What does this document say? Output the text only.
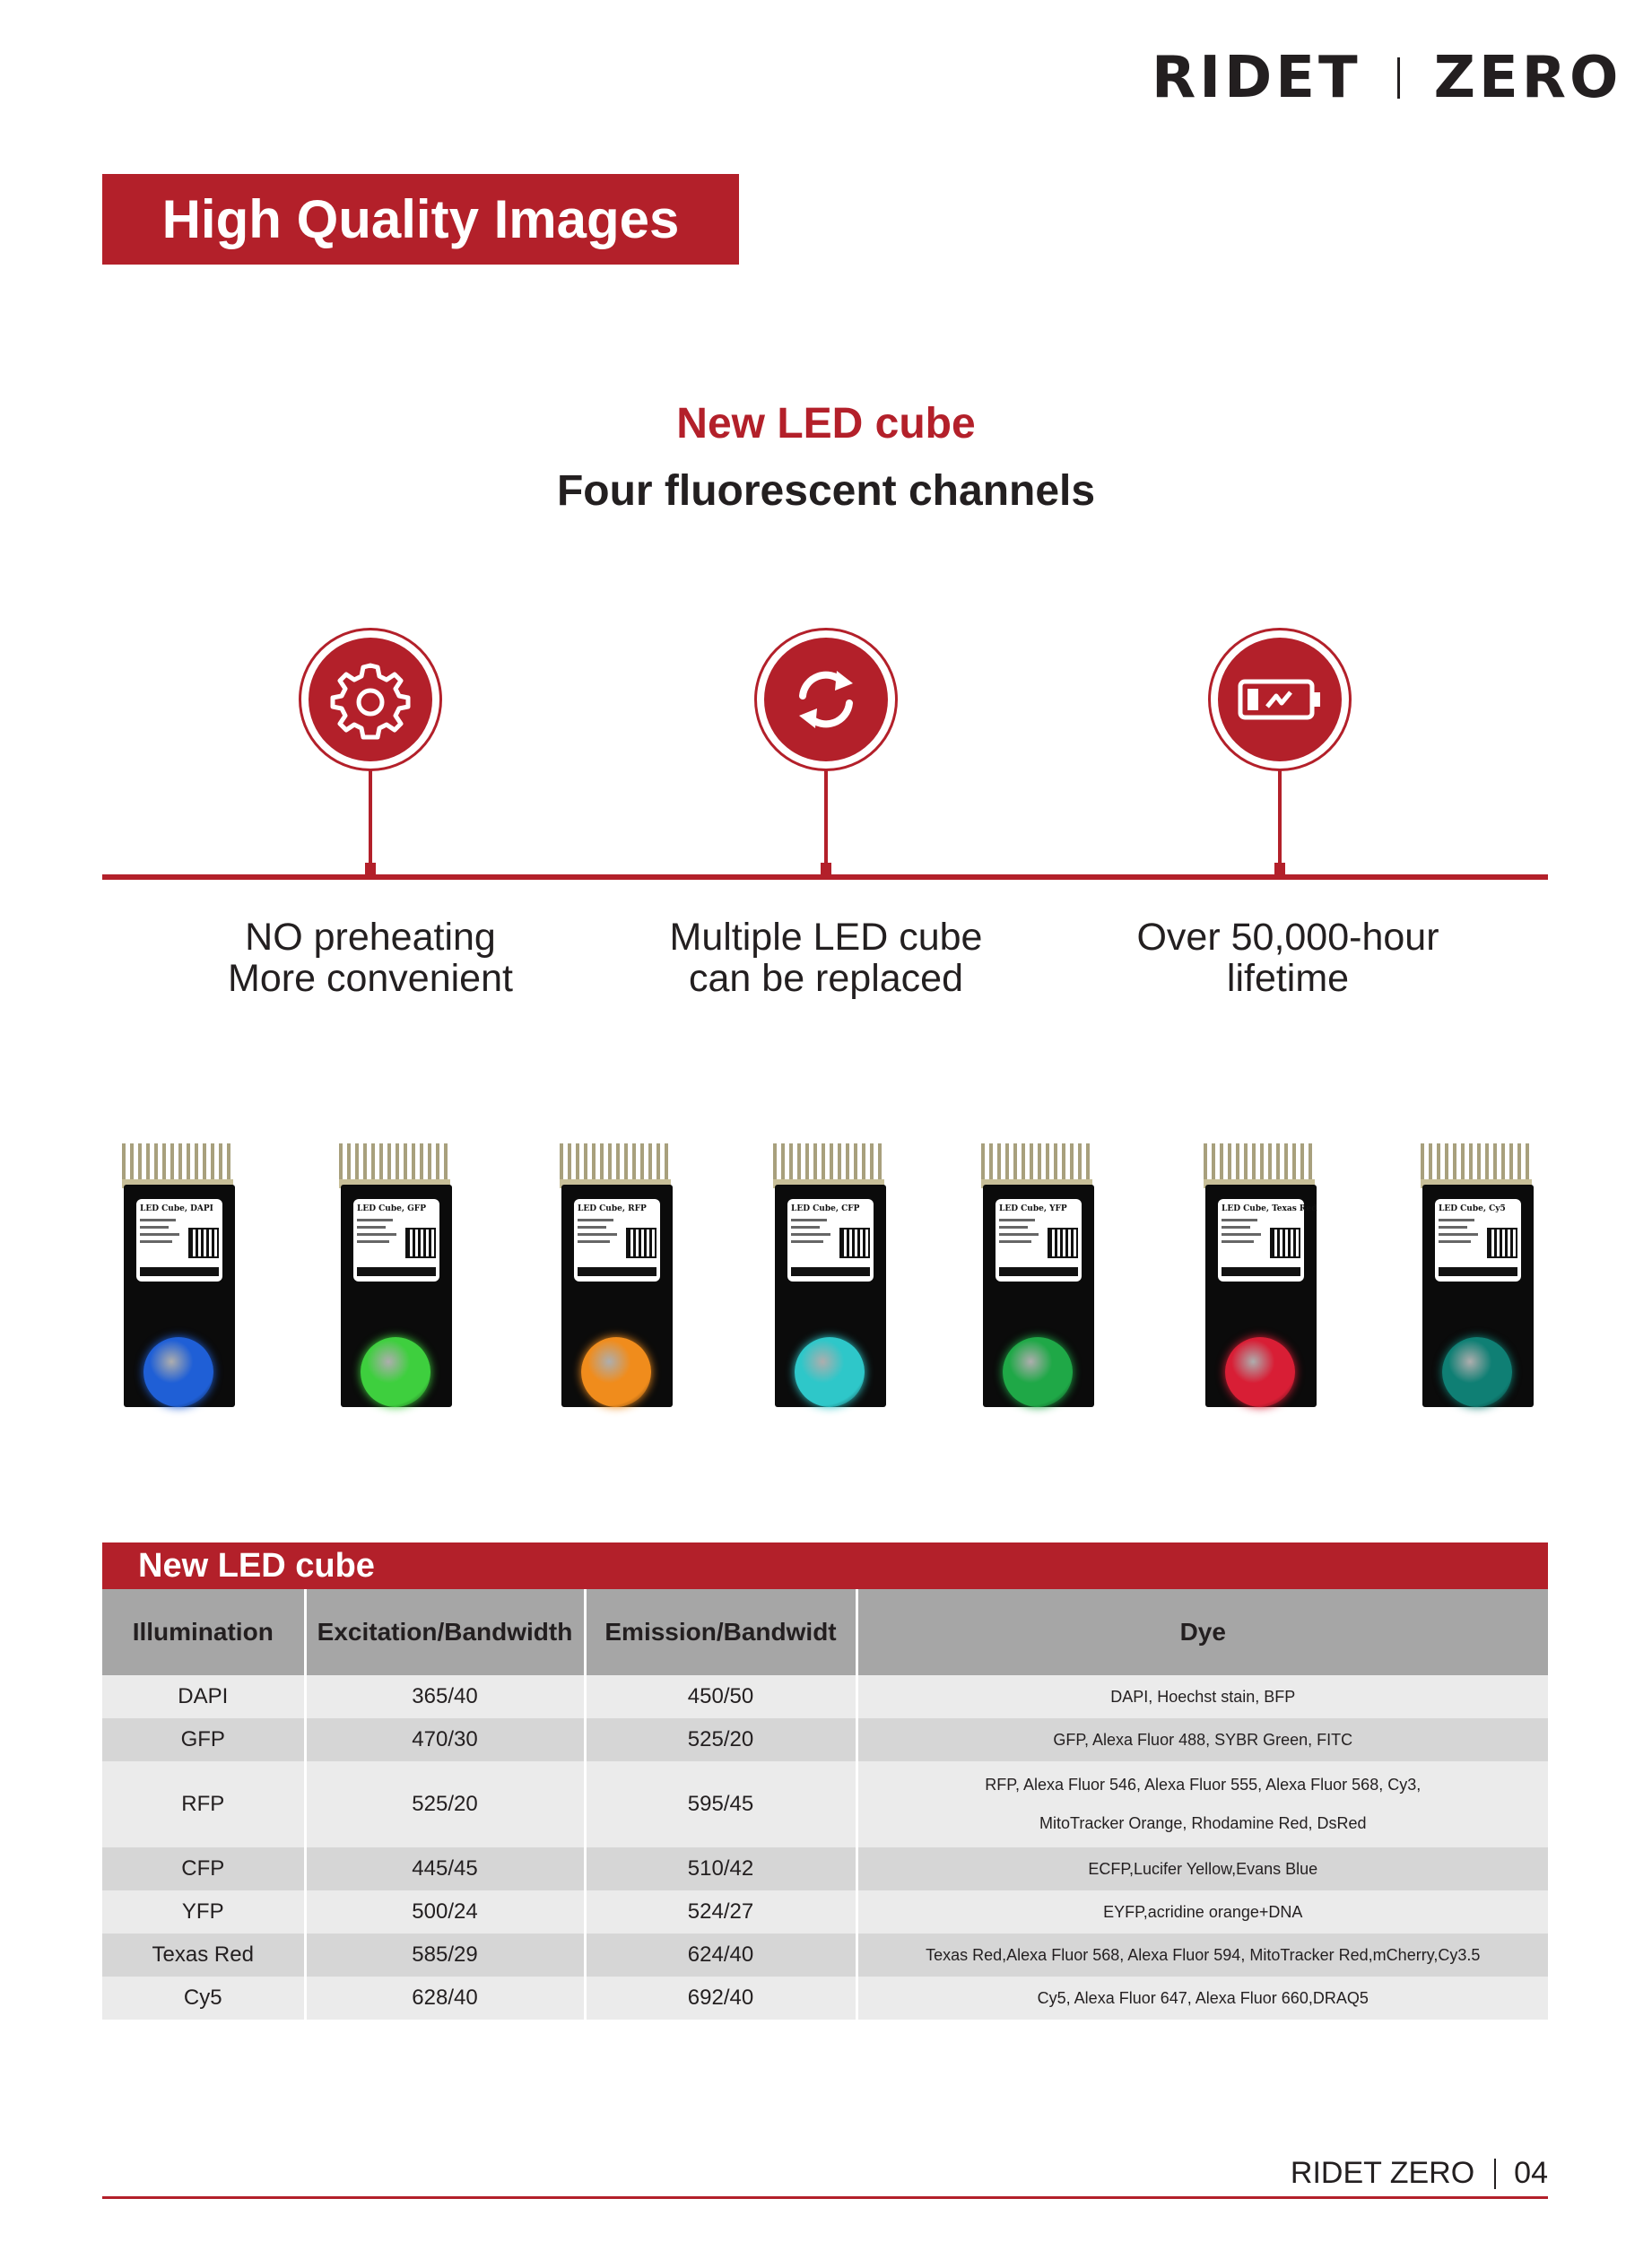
RIDET ZERO
High Quality Images
New LED cube
Four fluorescent channels
NO preheating
More convenient
Multiple LED cube
can be replaced
Over 50,000-hour
lifetime
LED Cube, DAPI	LED Cube, GFP	LED Cube, RFP	LED Cube, CFP	LED Cube, YFP	LED Cube, Texas Red	LED Cube, Cy5
New LED cube
Illumination	Excitation/Bandwidth	Emission/Bandwidt	Dye
DAPI	365/40	450/50	DAPI, Hoechst stain, BFP
GFP	470/30	525/20	GFP, Alexa Fluor 488, SYBR Green, FITC
RFP	525/20	595/45	RFP, Alexa Fluor 546, Alexa Fluor 555, Alexa Fluor 568, Cy3,
MitoTracker Orange, Rhodamine Red, DsRed

CFP	445/45	510/42	ECFP,Lucifer Yellow,Evans Blue
YFP	500/24	524/27	EYFP,acridine orange+DNA
Texas Red	585/29	624/40	Texas Red,Alexa Fluor 568, Alexa Fluor 594, MitoTracker Red,mCherry,Cy3.5
Cy5	628/40	692/40	Cy5, Alexa Fluor 647, Alexa Fluor 660,DRAQ5
RIDET ZERO 04
